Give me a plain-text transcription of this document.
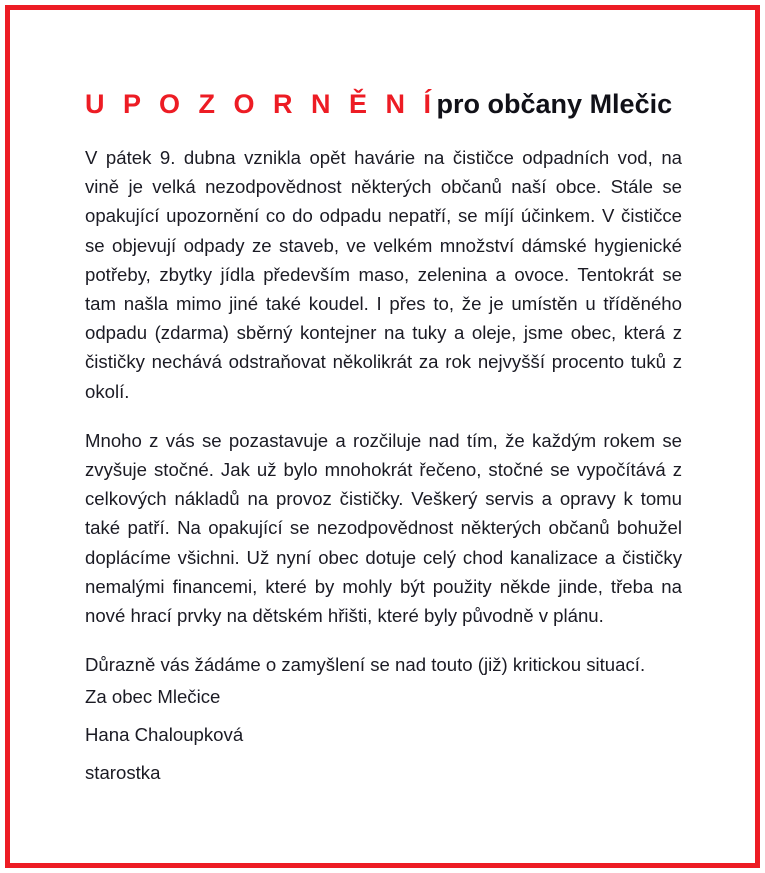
U P O Z O R N Ě N Ípro občany Mlečic

V pátek 9. dubna vznikla opět havárie na čističce odpadních vod, na vině je velká nezodpovědnost některých občanů naší obce. Stále se opakující upozornění co do odpadu nepatří, se míjí účinkem. V čističce se objevují odpady ze staveb, ve velkém množství dámské hygienické potřeby, zbytky jídla především maso, zelenina a ovoce. Tentokrát se tam našla mimo jiné také koudel. I přes to, že je umístěn u tříděného odpadu (zdarma) sběrný kontejner na tuky a oleje, jsme obec, která z čističky nechává odstraňovat několikrát za rok nejvyšší procento tuků z okolí.

Mnoho z vás se pozastavuje a rozčiluje nad tím, že každým rokem se zvyšuje stočné. Jak už bylo mnohokrát řečeno, stočné se vypočítává z celkových nákladů na provoz čističky. Veškerý servis a opravy k tomu také patří. Na opakující se nezodpovědnost některých občanů bohužel doplácíme všichni. Už nyní obec dotuje celý chod kanalizace a čističky nemalými financemi, které by mohly být použity někde jinde, třeba na nové hrací prvky na dětském hřišti, které byly původně v plánu.

Důrazně vás žádáme o zamyšlení se nad touto (již) kritickou situací.

Za obec Mlečice
Hana Chaloupková
starostka
